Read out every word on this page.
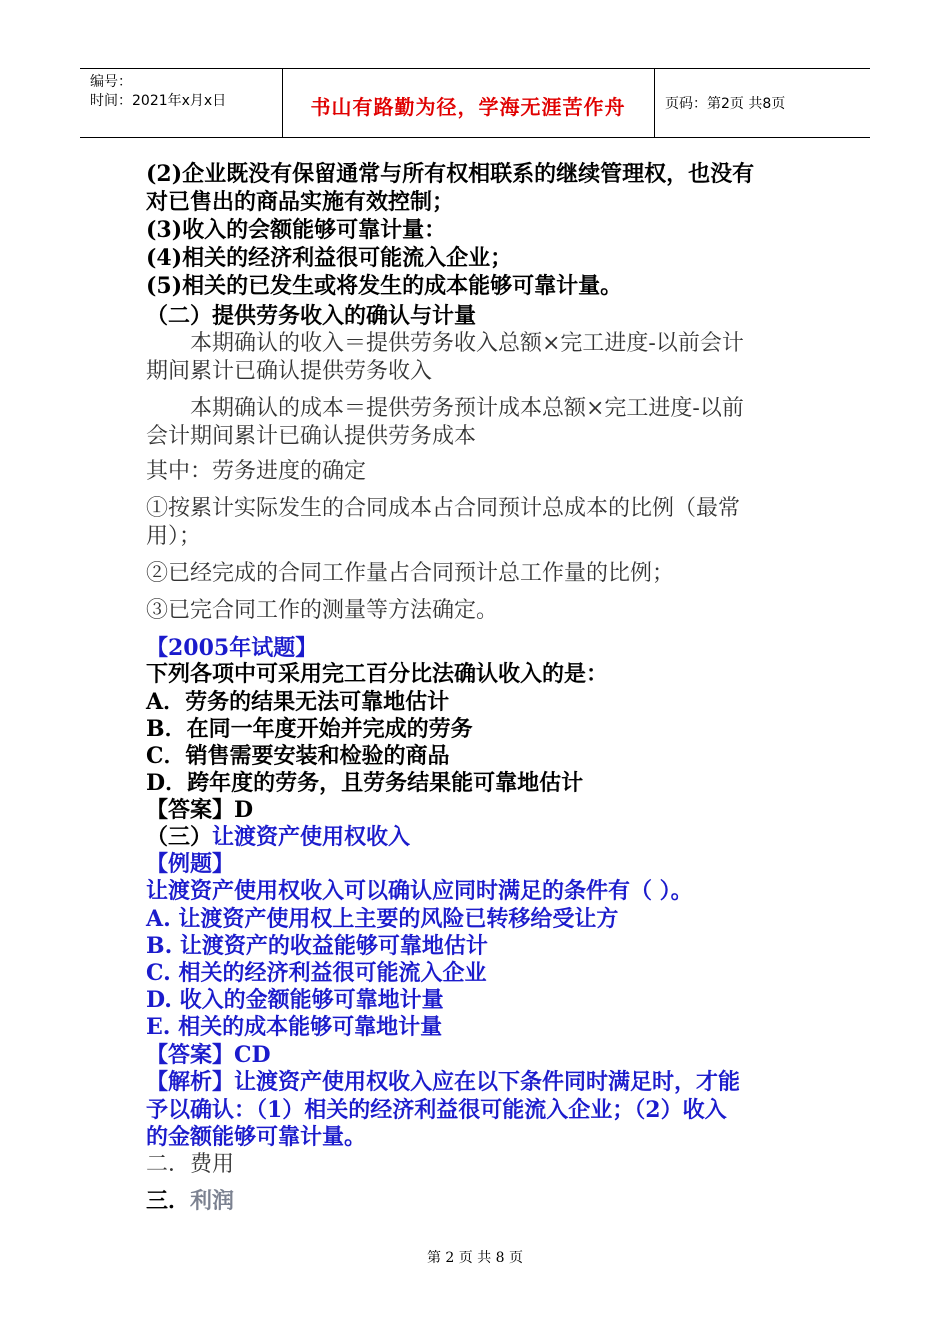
编号：
时间：2021年x月x日	书山有路勤为径，学海无涯苦作舟	页码：第2页 共8页
(2)企业既没有保留通常与所有权相联系的继续管理权，也没有
对已售出的商品实施有效控制；
(3)收入的会额能够可靠计量：
(4)相关的经济利益很可能流入企业；
(5)相关的已发生或将发生的成本能够可靠计量。
（二）提供劳务收入的确认与计量
　　本期确认的收入＝提供劳务收入总额×完工进度-以前会计
期间累计已确认提供劳务收入
　　本期确认的成本＝提供劳务预计成本总额×完工进度-以前
会计期间累计已确认提供劳务成本
其中：劳务进度的确定
①按累计实际发生的合同成本占合同预计总成本的比例（最常
用）；
②已经完成的合同工作量占合同预计总工作量的比例；
③已完合同工作的测量等方法确定。
【2005年试题】
下列各项中可采用完工百分比法确认收入的是：
A．劳务的结果无法可靠地估计
B．在同一年度开始并完成的劳务
C．销售需要安装和检验的商品
D．跨年度的劳务，且劳务结果能可靠地估计
【答案】D
（三）让渡资产使用权收入
【例题】
让渡资产使用权收入可以确认应同时满足的条件有（ ）。
A. 让渡资产使用权上主要的风险已转移给受让方
B. 让渡资产的收益能够可靠地估计
C. 相关的经济利益很可能流入企业
D. 收入的金额能够可靠地计量
E. 相关的成本能够可靠地计量
【答案】CD
【解析】让渡资产使用权收入应在以下条件同时满足时，才能
予以确认：（1）相关的经济利益很可能流入企业；（2）收入
的金额能够可靠计量。
二．费用
三．利润
第 2 页 共 8 页
